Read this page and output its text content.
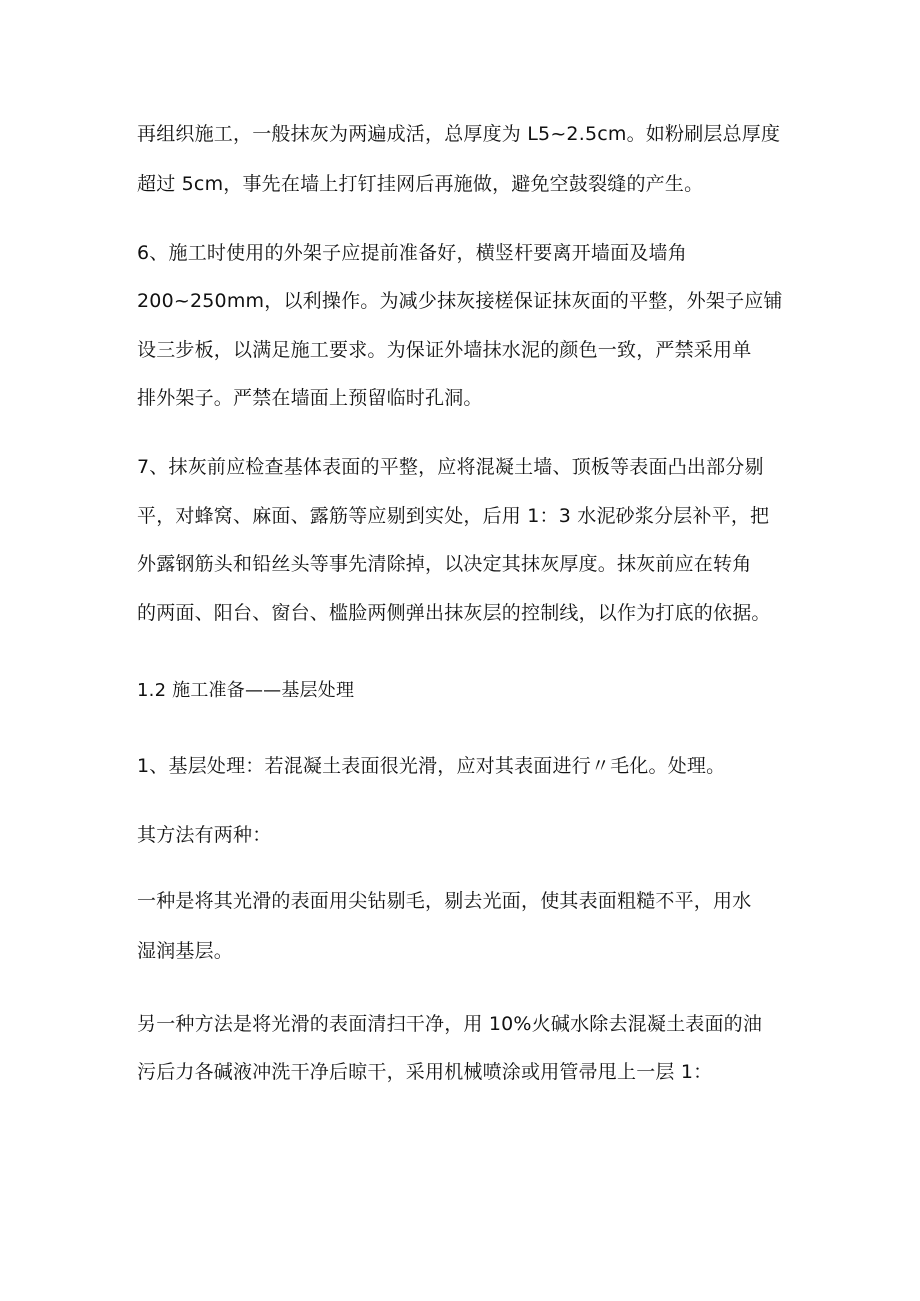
再组织施工，一般抹灰为两遍成活，总厚度为 L5~2.5cm。如粉刷层总厚度
超过 5cm，事先在墙上打钉挂网后再施做，避免空鼓裂缝的产生。
6、施工时使用的外架子应提前准备好，横竖杆要离开墙面及墙角
200~250mm，以利操作。为减少抹灰接槎保证抹灰面的平整，外架子应铺
设三步板，以满足施工要求。为保证外墙抹水泥的颜色一致，严禁采用单
排外架子。严禁在墙面上预留临时孔洞。
7、抹灰前应检查基体表面的平整，应将混凝土墙、顶板等表面凸出部分剔
平，对蜂窝、麻面、露筋等应剔到实处，后用 1：3 水泥砂浆分层补平，把
外露钢筋头和铅丝头等事先清除掉，以决定其抹灰厚度。抹灰前应在转角
的两面、阳台、窗台、槛脸两侧弹出抹灰层的控制线，以作为打底的依据。
1.2 施工准备——基层处理
1、基层处理：若混凝土表面很光滑，应对其表面进行〃毛化。处理。
其方法有两种：
一种是将其光滑的表面用尖钻剔毛，剔去光面，使其表面粗糙不平，用水
湿润基层。
另一种方法是将光滑的表面清扫干净，用 10%火碱水除去混凝土表面的油
污后力各碱液冲洗干净后晾干，采用机械喷涂或用管帚甩上一层 1：
